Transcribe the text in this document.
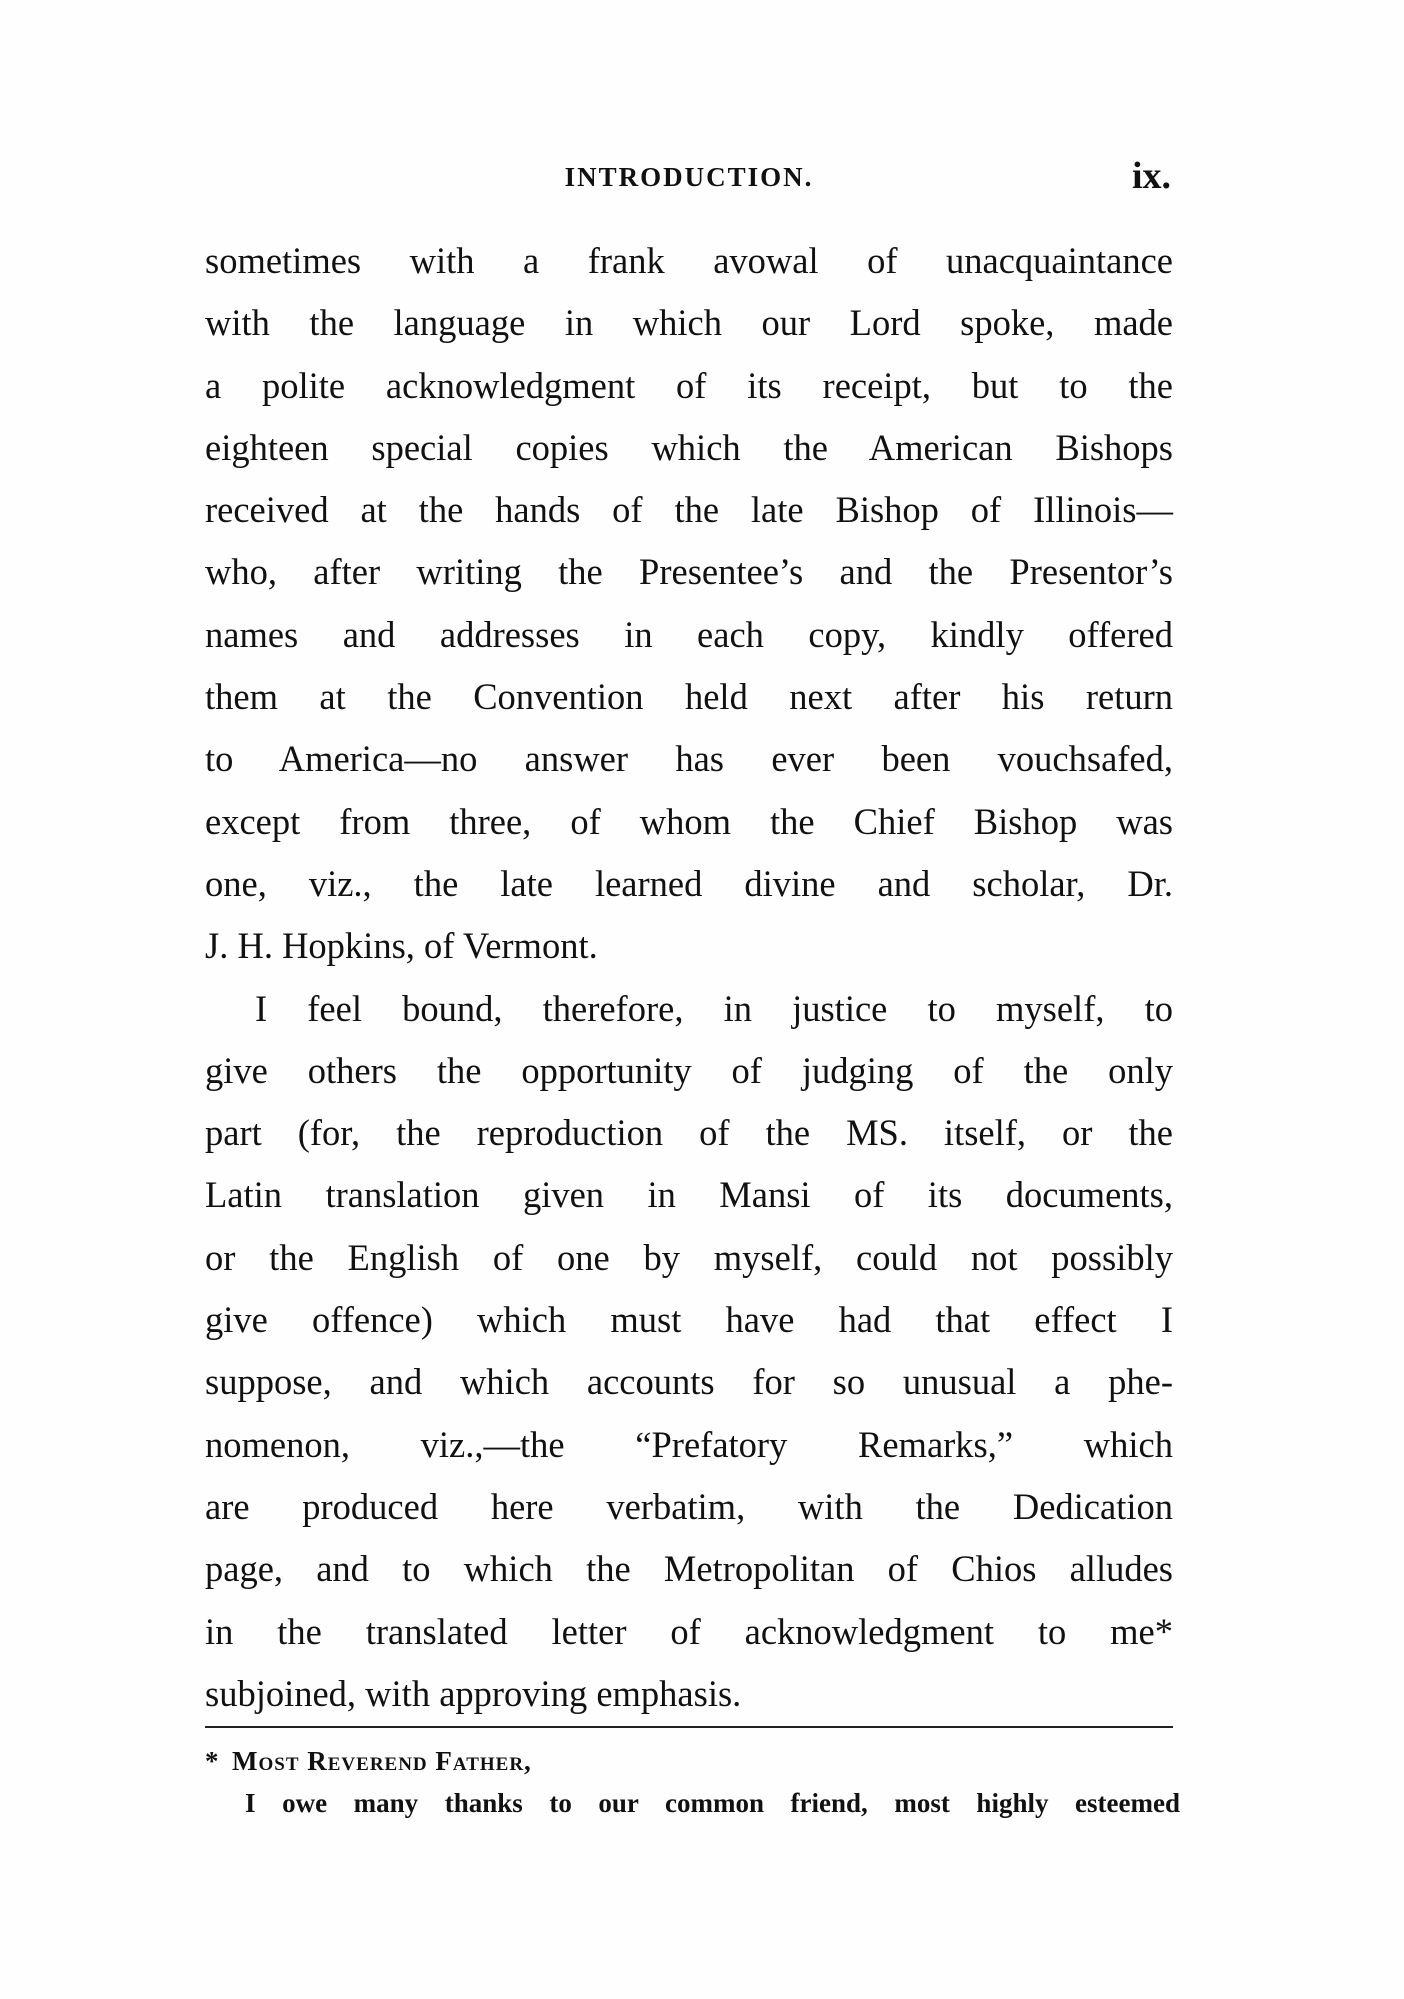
INTRODUCTION.	ix.
sometimes with a frank avowal of unacquaintance
with the language in which our Lord spoke, made
a polite acknowledgment of its receipt, but to the
eighteen special copies which the American Bishops
received at the hands of the late Bishop of Illinois—
who, after writing the Presentee’s and the Presentor’s
names and addresses in each copy, kindly offered
them at the Convention held next after his return
to America—no answer has ever been vouchsafed,
except from three, of whom the Chief Bishop was
one, viz., the late learned divine and scholar, Dr.
J. H. Hopkins, of Vermont.
I feel bound, therefore, in justice to myself, to
give others the opportunity of judging of the only
part (for, the reproduction of the MS. itself, or the
Latin translation given in Mansi of its documents,
or the English of one by myself, could not possibly
give offence) which must have had that effect I
suppose, and which accounts for so unusual a phe-
nomenon, viz.,—the “Prefatory Remarks,” which
are produced here verbatim, with the Dedication
page, and to which the Metropolitan of Chios alludes
in the translated letter of acknowledgment to me*
subjoined, with approving emphasis.
* Most Reverend Father,
I owe many thanks to our common friend, most highly esteemed
